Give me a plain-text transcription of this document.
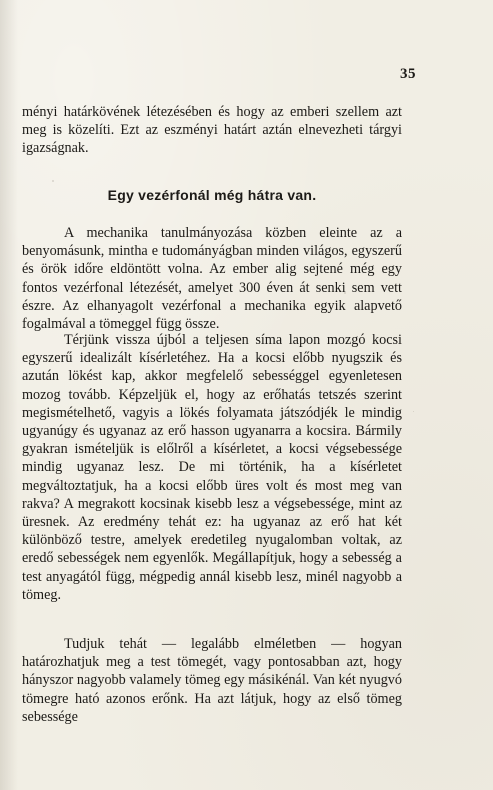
35
ményi határkövének létezésében és hogy az emberi szellem azt meg is közelíti. Ezt az eszményi határt aztán elnevezheti tárgyi igazságnak.
Egy vezérfonál még hátra van.
A mechanika tanulmányozása közben eleinte az a benyomásunk, mintha e tudományágban minden világos, egyszerű és örök időre eldöntött volna. Az ember alig sejtené még egy fontos vezérfonal létezését, amelyet 300 éven át senki sem vett észre. Az elhanyagolt vezérfonal a mechanika egyik alapvető fogalmával a tömeggel függ össze.
Térjünk vissza újból a teljesen síma lapon mozgó kocsi egyszerű idealizált kísérletéhez. Ha a kocsi előbb nyugszik és azután lökést kap, akkor megfelelő sebességgel egyenletesen mozog tovább. Képzeljük el, hogy az erőhatás tetszés szerint megismételhető, vagyis a lökés folyamata játszódjék le mindig ugyanúgy és ugyanaz az erő hasson ugyanarra a kocsira. Bármily gyakran ismételjük is előlről a kísérletet, a kocsi végsebessége mindig ugyanaz lesz. De mi történik, ha a kísérletet megváltoztatjuk, ha a kocsi előbb üres volt és most meg van rakva? A megrakott kocsinak kisebb lesz a végsebessége, mint az üresnek. Az eredmény tehát ez: ha ugyanaz az erő hat két különböző testre, amelyek eredetileg nyugalomban voltak, az eredő sebességek nem egyenlők. Megállapítjuk, hogy a sebesség a test anyagától függ, mégpedig annál kisebb lesz, minél nagyobb a tömeg.
Tudjuk tehát — legalább elméletben — hogyan határozhatjuk meg a test tömegét, vagy pontosabban azt, hogy hányszor nagyobb valamely tömeg egy másikénál. Van két nyugvó tömegre ható azonos erőnk. Ha azt látjuk, hogy az első tömeg sebessége
